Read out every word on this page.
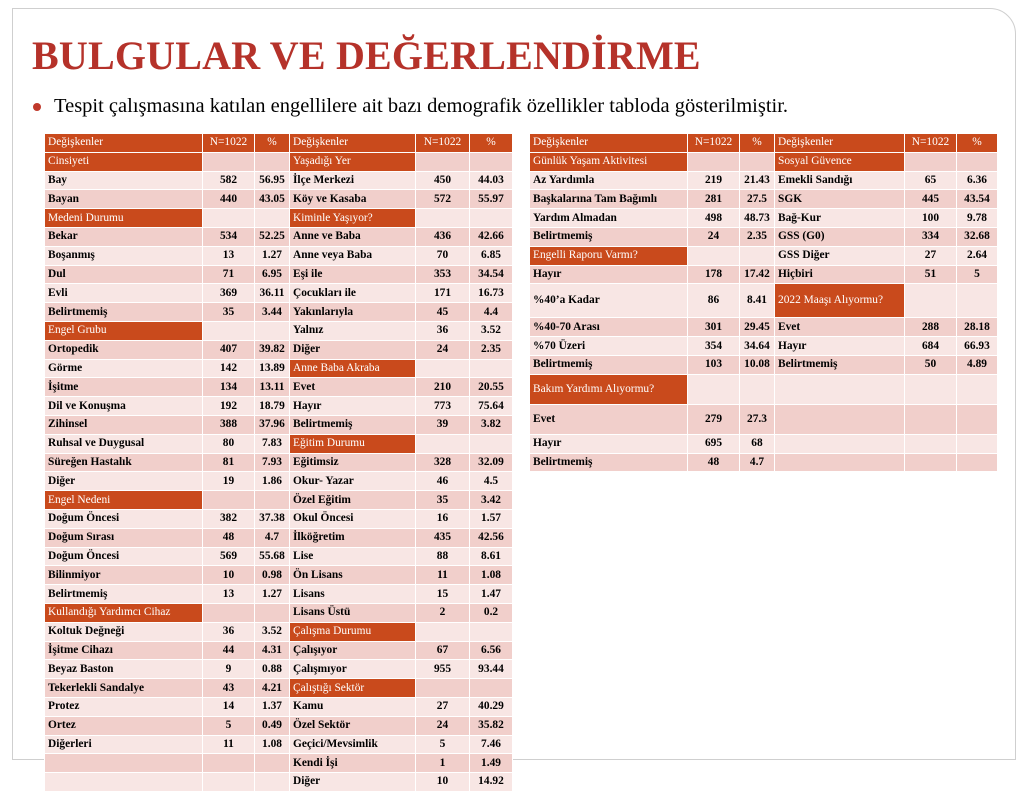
BULGULAR VE DEĞERLENDİRME
Tespit çalışmasına katılan engellilere ait bazı demografik özellikler tabloda gösterilmiştir.
Değişkenler	N=1022	%	Değişkenler	N=1022	%
Cinsiyeti			Yaşadığı Yer		
Bay	582	56.95	İlçe Merkezi	450	44.03
Bayan	440	43.05	Köy ve Kasaba	572	55.97
Medeni Durumu			Kiminle Yaşıyor?		
Bekar	534	52.25	Anne ve Baba	436	42.66
Boşanmış	13	1.27	Anne veya Baba	70	6.85
Dul	71	6.95	Eşi ile	353	34.54
Evli	369	36.11	Çocukları ile	171	16.73
Belirtmemiş	35	3.44	Yakınlarıyla	45	4.4
Engel Grubu			Yalnız	36	3.52
Ortopedik	407	39.82	Diğer	24	2.35
Görme	142	13.89	Anne Baba Akraba		
İşitme	134	13.11	Evet	210	20.55
Dil ve Konuşma	192	18.79	Hayır	773	75.64
Zihinsel	388	37.96	Belirtmemiş	39	3.82
Ruhsal ve Duygusal	80	7.83	Eğitim Durumu		
Süreğen Hastalık	81	7.93	Eğitimsiz	328	32.09
Diğer	19	1.86	Okur- Yazar	46	4.5
Engel Nedeni			Özel Eğitim	35	3.42
Doğum Öncesi	382	37.38	Okul Öncesi	16	1.57
Doğum Sırası	48	4.7	İlköğretim	435	42.56
Doğum Öncesi	569	55.68	Lise	88	8.61
Bilinmiyor	10	0.98	Ön Lisans	11	1.08
Belirtmemiş	13	1.27	Lisans	15	1.47
Kullandığı Yardımcı Cihaz			Lisans Üstü	2	0.2
Koltuk Değneği	36	3.52	Çalışma Durumu		
İşitme Cihazı	44	4.31	Çalışıyor	67	6.56
Beyaz Baston	9	0.88	Çalışmıyor	955	93.44
Tekerlekli Sandalye	43	4.21	Çalıştığı Sektör		
Protez	14	1.37	Kamu	27	40.29
Ortez	5	0.49	Özel Sektör	24	35.82
Diğerleri	11	1.08	Geçici/Mevsimlik	5	7.46
			Kendi İşi	1	1.49
			Diğer	10	14.92
Değişkenler	N=1022	%	Değişkenler	N=1022	%
Günlük Yaşam Aktivitesi			Sosyal Güvence		
Az Yardımla	219	21.43	Emekli Sandığı	65	6.36
Başkalarına Tam Bağımlı	281	27.5	SGK	445	43.54
Yardım Almadan	498	48.73	Bağ-Kur	100	9.78
Belirtmemiş	24	2.35	GSS (G0)	334	32.68
Engelli Raporu Varmı?			GSS Diğer	27	2.64
Hayır	178	17.42	Hiçbiri	51	5
%40’a Kadar	86	8.41	2022 Maaşı Alıyormu?		
%40-70 Arası	301	29.45	Evet	288	28.18
%70 Üzeri	354	34.64	Hayır	684	66.93
Belirtmemiş	103	10.08	Belirtmemiş	50	4.89
Bakım Yardımı Alıyormu?					
Evet	279	27.3			
Hayır	695	68			
Belirtmemiş	48	4.7			
